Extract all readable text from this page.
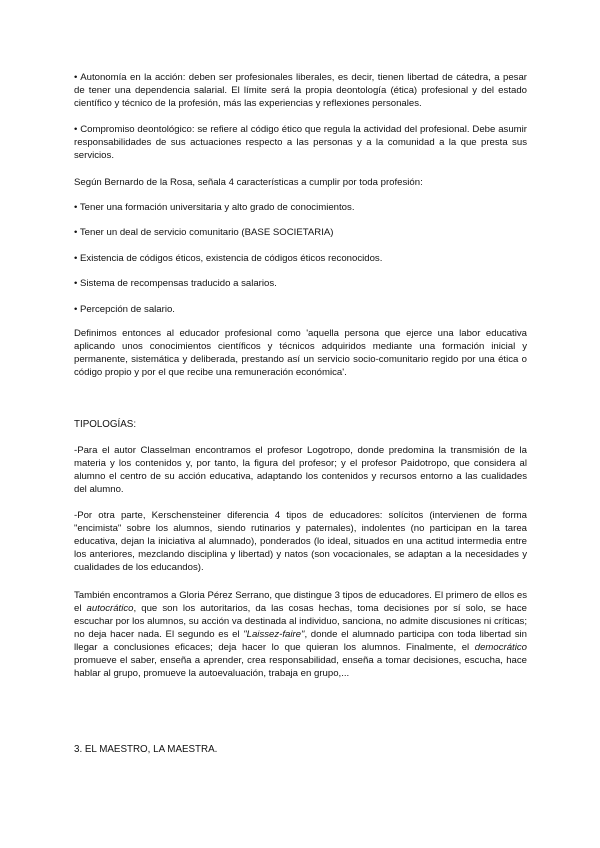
• Autonomía en la acción: deben ser profesionales liberales, es decir, tienen libertad de cátedra, a pesar de tener una dependencia salarial. El límite será la propia deontología (ética) profesional y del estado científico y técnico de la profesión, más las experiencias y reflexiones personales.

• Compromiso deontológico: se refiere al código ético que regula la actividad del profesional. Debe asumir responsabilidades de sus actuaciones respecto a las personas y a la comunidad a la que presta sus servicios.

Según Bernardo de la Rosa, señala 4 características a cumplir por toda profesión:

• Tener una formación universitaria y alto grado de conocimientos.

• Tener un deal de servicio comunitario (BASE SOCIETARIA)

• Existencia de códigos éticos, existencia de códigos éticos reconocidos.

• Sistema de recompensas traducido a salarios.

• Percepción de salario.

Definimos entonces al educador profesional como 'aquella persona que ejerce una labor educativa aplicando unos conocimientos científicos y técnicos adquiridos mediante una formación inicial y permanente, sistemática y deliberada, prestando así un servicio socio-comunitario regido por una ética o código propio y por el que recibe una remuneración económica'.

TIPOLOGÍAS:

-Para el autor Classelman encontramos el profesor Logotropo, donde predomina la transmisión de la materia y los contenidos y, por tanto, la figura del profesor; y el profesor Paidotropo, que considera al alumno el centro de su acción educativa, adaptando los contenidos y recursos entorno a las cualidades del alumno.

-Por otra parte, Kerschensteiner diferencia 4 tipos de educadores: solícitos (intervienen de forma "encimista" sobre los alumnos, siendo rutinarios y paternales), indolentes (no participan en la tarea educativa, dejan la iniciativa al alumnado), ponderados (lo ideal, situados en una actitud intermedia entre los anteriores, mezclando disciplina y libertad) y natos (son vocacionales, se adaptan a la necesidades y cualidades de los educandos).

También encontramos a Gloria Pérez Serrano, que distingue 3 tipos de educadores. El primero de ellos es el autocrático, que son los autoritarios, da las cosas hechas, toma decisiones por sí solo, se hace escuchar por los alumnos, su acción va destinada al individuo, sanciona, no admite discusiones ni críticas; no deja hacer nada. El segundo es el "Laissez-faire", donde el alumnado participa con toda libertad sin llegar a conclusiones eficaces; deja hacer lo que quieran los alumnos. Finalmente, el democrático promueve el saber, enseña a aprender, crea responsabilidad, enseña a tomar decisiones, escucha, hace hablar al grupo, promueve la autoevaluación, trabaja en grupo,...

3. EL MAESTRO, LA MAESTRA.
